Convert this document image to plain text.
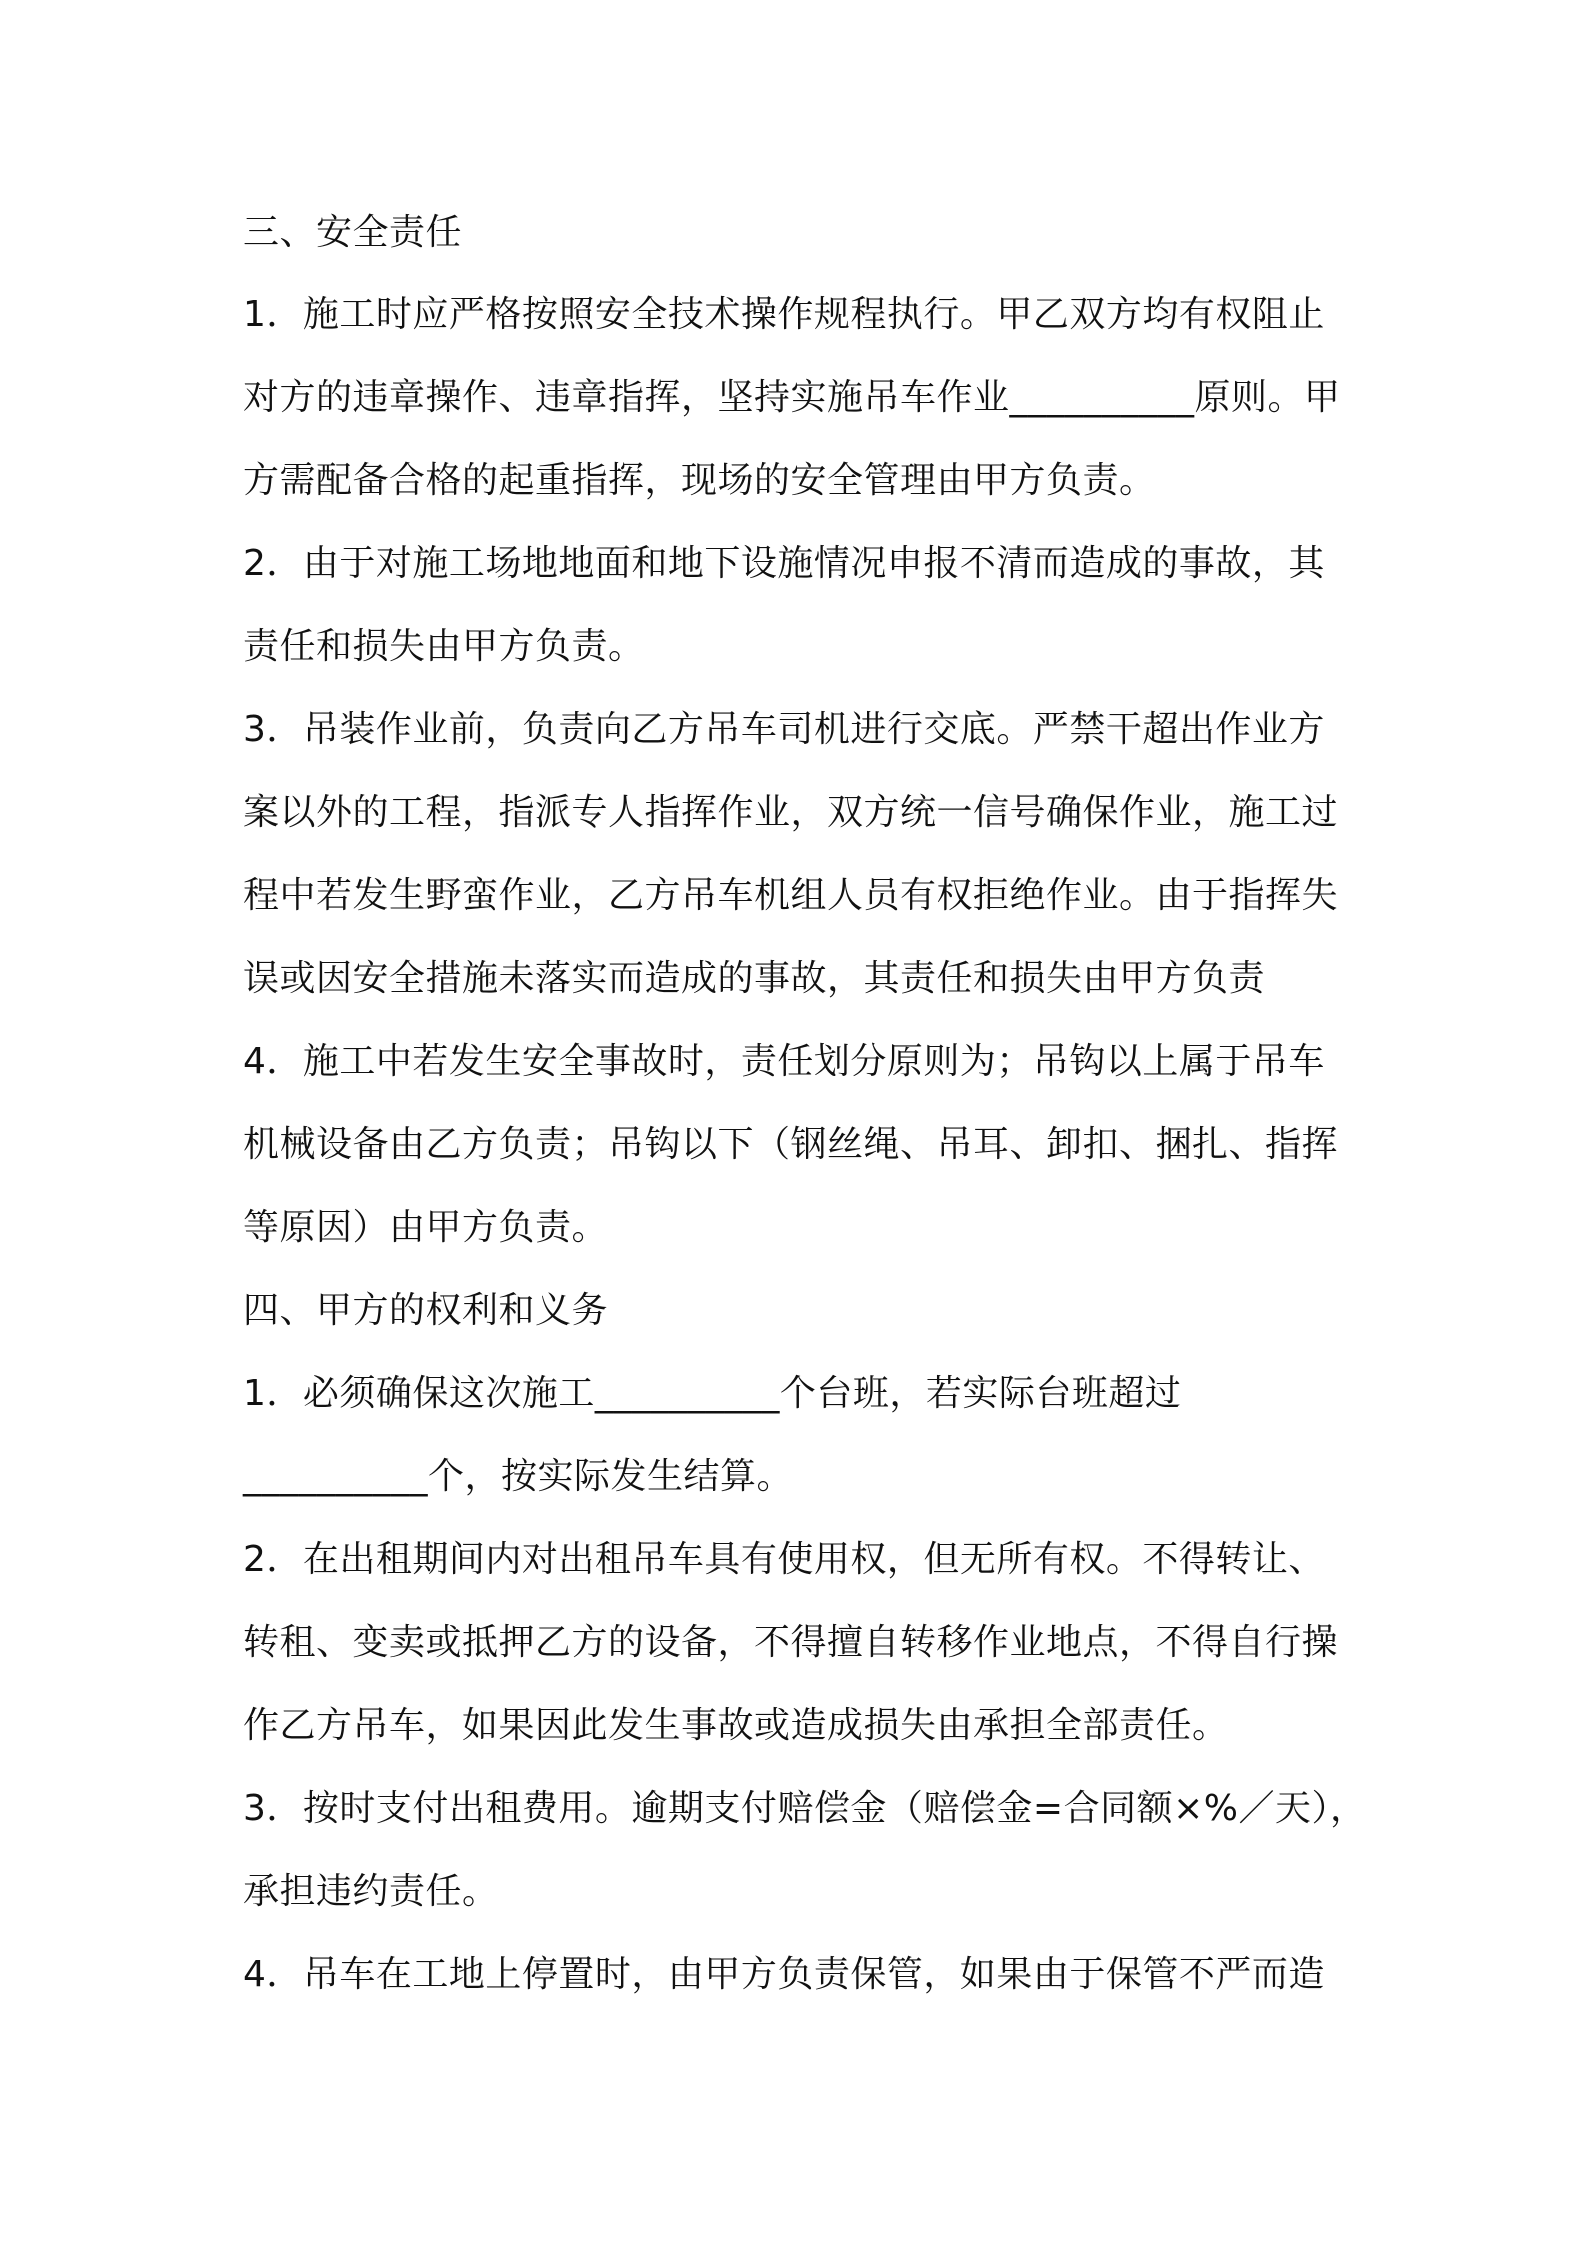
三、安全责任
1．施工时应严格按照安全技术操作规程执行。甲乙双方均有权阻止
对方的违章操作、违章指挥，坚持实施吊车作业__________原则。甲
方需配备合格的起重指挥，现场的安全管理由甲方负责。
2．由于对施工场地地面和地下设施情况申报不清而造成的事故，其
责任和损失由甲方负责。
3．吊装作业前，负责向乙方吊车司机进行交底。严禁干超出作业方
案以外的工程，指派专人指挥作业，双方统一信号确保作业，施工过
程中若发生野蛮作业，乙方吊车机组人员有权拒绝作业。由于指挥失
误或因安全措施未落实而造成的事故，其责任和损失由甲方负责
4．施工中若发生安全事故时，责任划分原则为；吊钩以上属于吊车
机械设备由乙方负责；吊钩以下（钢丝绳、吊耳、卸扣、捆扎、指挥
等原因）由甲方负责。
四、甲方的权利和义务
1．必须确保这次施工__________个台班，若实际台班超过
__________个，按实际发生结算。
2．在出租期间内对出租吊车具有使用权，但无所有权。不得转让、
转租、变卖或抵押乙方的设备，不得擅自转移作业地点，不得自行操
作乙方吊车，如果因此发生事故或造成损失由承担全部责任。
3．按时支付出租费用。逾期支付赔偿金（赔偿金=合同额×%／天），
承担违约责任。
4．吊车在工地上停置时，由甲方负责保管，如果由于保管不严而造
